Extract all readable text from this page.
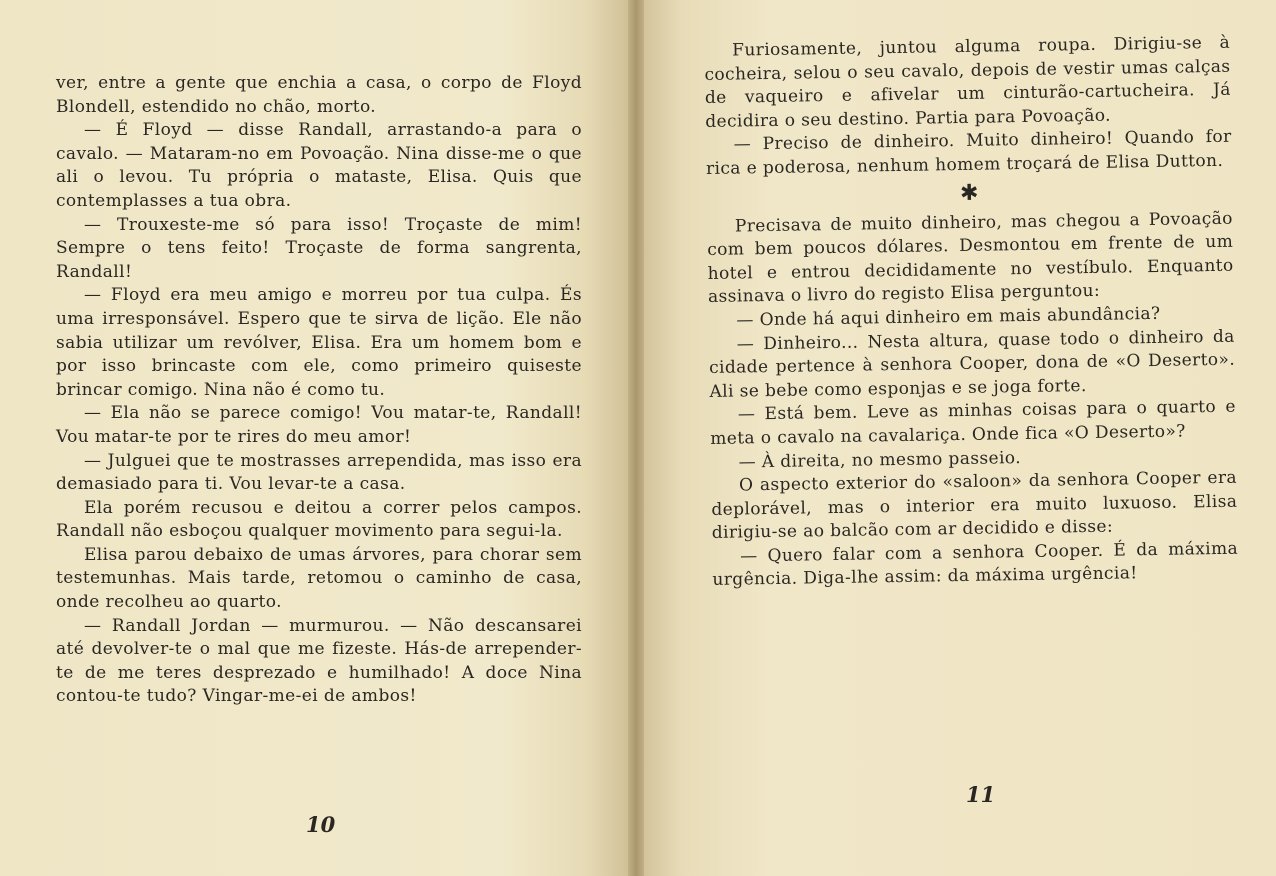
ver, entre a gente que enchia a casa, o corpo de Floyd Blondell, estendido no chão, morto.

— É Floyd — disse Randall, arrastando-a para o cavalo. — Mataram-no em Povoação. Nina disse-me o que ali o levou. Tu própria o mataste, Elisa. Quis que contemplasses a tua obra.

— Trouxeste-me só para isso! Troçaste de mim! Sempre o tens feito! Troçaste de forma sangrenta, Randall!

— Floyd era meu amigo e morreu por tua culpa. És uma irresponsável. Espero que te sirva de lição. Ele não sabia utilizar um revólver, Elisa. Era um homem bom e por isso brincaste com ele, como primeiro quiseste brincar comigo. Nina não é como tu.

— Ela não se parece comigo! Vou matar-te, Randall! Vou matar-te por te rires do meu amor!

— Julguei que te mostrasses arrependida, mas isso era demasiado para ti. Vou levar-te a casa.

Ela porém recusou e deitou a correr pelos campos. Randall não esboçou qualquer movimento para segui-la.

Elisa parou debaixo de umas árvores, para chorar sem testemunhas. Mais tarde, retomou o caminho de casa, onde recolheu ao quarto.

— Randall Jordan — murmurou. — Não descansarei até devolver-te o mal que me fizeste. Hás-de arrepender-te de me teres desprezado e humilhado! A doce Nina contou-te tudo? Vingar-me-ei de ambos!

10

Furiosamente, juntou alguma roupa. Dirigiu-se à cocheira, selou o seu cavalo, depois de vestir umas calças de vaqueiro e afivelar um cinturão-cartucheira. Já decidira o seu destino. Partia para Povoação.

— Preciso de dinheiro. Muito dinheiro! Quando for rica e poderosa, nenhum homem troçará de Elisa Dutton.

✱

Precisava de muito dinheiro, mas chegou a Povoação com bem poucos dólares. Desmontou em frente de um hotel e entrou decididamente no vestíbulo. Enquanto assinava o livro do registo Elisa perguntou:

— Onde há aqui dinheiro em mais abundância?

— Dinheiro... Nesta altura, quase todo o dinheiro da cidade pertence à senhora Cooper, dona de «O Deserto». Ali se bebe como esponjas e se joga forte.

— Está bem. Leve as minhas coisas para o quarto e meta o cavalo na cavalariça. Onde fica «O Deserto»?

— À direita, no mesmo passeio.

O aspecto exterior do «saloon» da senhora Cooper era deplorável, mas o interior era muito luxuoso. Elisa dirigiu-se ao balcão com ar decidido e disse:

— Quero falar com a senhora Cooper. É da máxima urgência. Diga-lhe assim: da máxima urgência!

11
